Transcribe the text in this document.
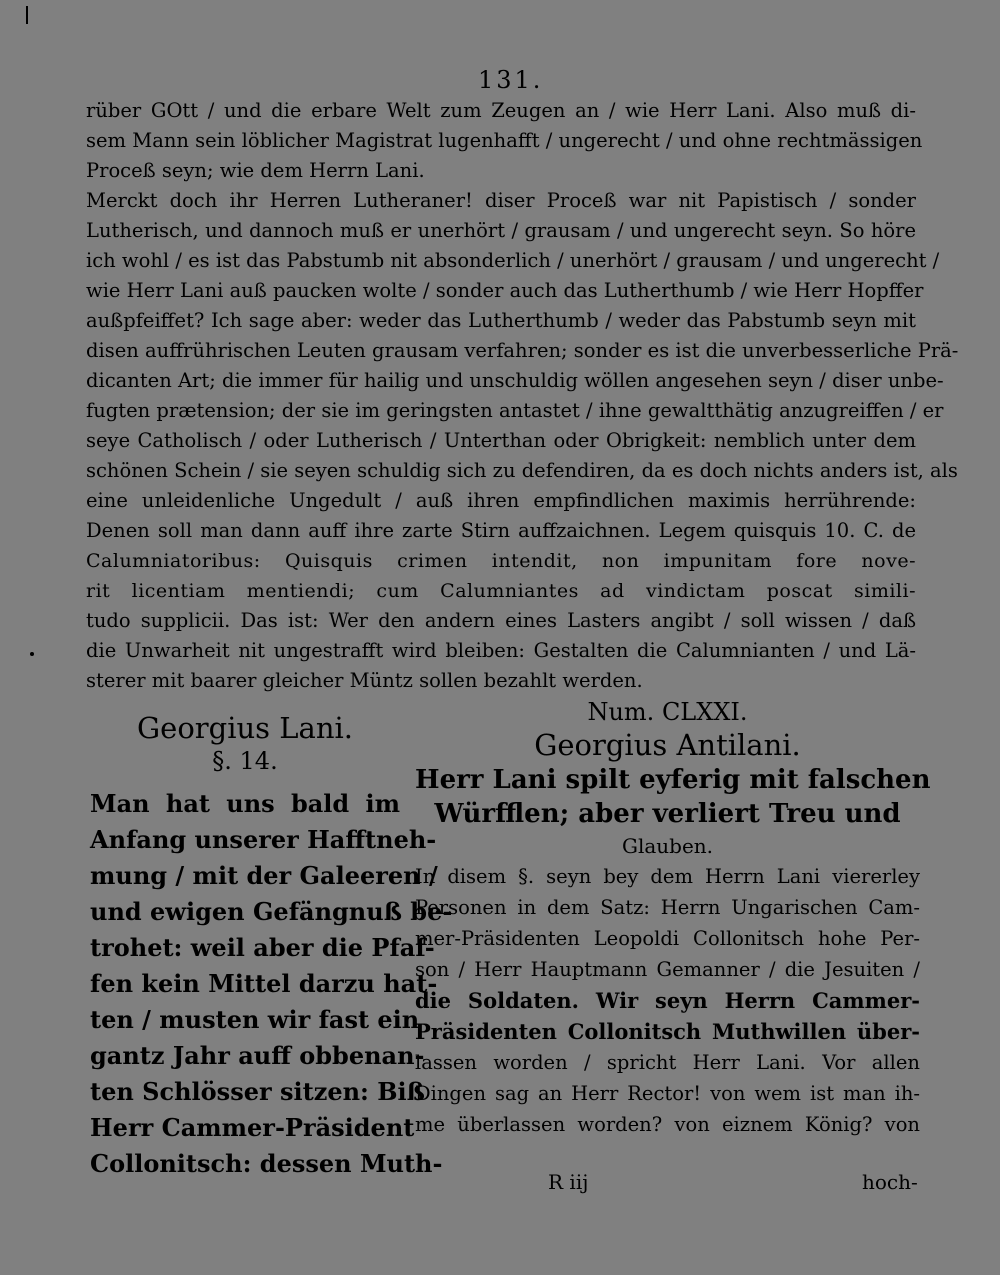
131.
rüber GOtt / und die erbare Welt zum Zeugen an / wie Herr Lani. Also muß di-
sem Mann sein löblicher Magistrat lugenhafft / ungerecht / und ohne rechtmässigen
Proceß seyn; wie dem Herrn Lani.
Merckt doch ihr Herren Lutheraner! diser Proceß war nit Papistisch / sonder
Lutherisch, und dannoch muß er unerhört / grausam / und ungerecht seyn. So höre
ich wohl / es ist das Pabstumb nit absonderlich / unerhört / grausam / und ungerecht /
wie Herr Lani auß paucken wolte / sonder auch das Lutherthumb / wie Herr Hopffer
außpfeiffet? Ich sage aber: weder das Lutherthumb / weder das Pabstumb seyn mit
disen auffrührischen Leuten grausam verfahren; sonder es ist die unverbesserliche Prä-
dicanten Art; die immer für hailig und unschuldig wöllen angesehen seyn / diser unbe-
fugten prætension; der sie im geringsten antastet / ihne gewaltthätig anzugreiffen / er
seye Catholisch / oder Lutherisch / Unterthan oder Obrigkeit: nemblich unter dem
schönen Schein / sie seyen schuldig sich zu defendiren, da es doch nichts anders ist, als
eine unleidenliche Ungedult / auß ihren empfindlichen maximis herrührende:
Denen soll man dann auff ihre zarte Stirn auffzaichnen. Legem quisquis 10. C. de
Calumniatoribus: Quisquis crimen intendit, non impunitam fore nove-
rit licentiam mentiendi; cum Calumniantes ad vindictam poscat simili-
tudo supplicii. Das ist: Wer den andern eines Lasters angibt / soll wissen / daß
die Unwarheit nit ungestrafft wird bleiben: Gestalten die Calumnianten / und Lä-
sterer mit baarer gleicher Müntz sollen bezahlt werden.
Georgius Lani.
§. 14.
Man hat uns bald im
Anfang unserer Hafftneh-
mung / mit der Galeeren /
und ewigen Gefängnuß be-
trohet: weil aber die Pfaf-
fen kein Mittel darzu hat-
ten / musten wir fast ein
gantz Jahr auff obbenan-
ten Schlösser sitzen: Biß
Herr Cammer-Präsident
Collonitsch: dessen Muth-
Num. CLXXI.
Georgius Antilani.
Herr Lani spilt eyferig mit falschen
Würfflen; aber verliert Treu und
Glauben.
In disem §. seyn bey dem Herrn Lani viererley
Personen in dem Satz: Herrn Ungarischen Cam-
mer-Präsidenten Leopoldi Collonitsch hohe Per-
son / Herr Hauptmann Gemanner / die Jesuiten /
die Soldaten. Wir seyn Herrn Cammer-
Präsidenten Collonitsch Muthwillen über-
lassen worden / spricht Herr Lani. Vor allen
Dingen sag an Herr Rector! von wem ist man ih-
me überlassen worden? von eiznem König? von
R iij	hoch-
